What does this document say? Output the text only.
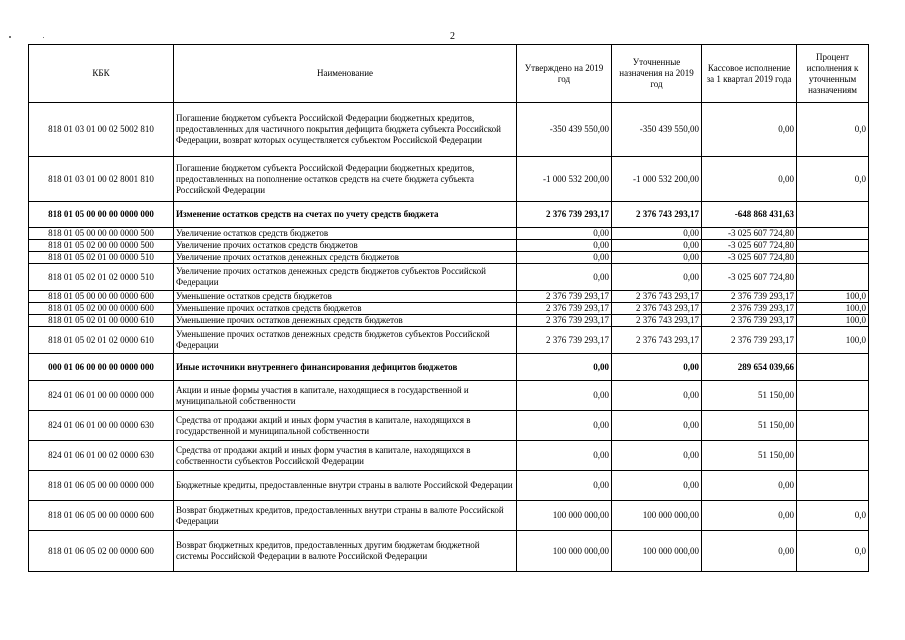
2
КБК	Наименование	Утверждено на 2019 год	Уточненные назначения на 2019 год	Кассовое исполнение за 1 квартал 2019 года	Процент исполнения к уточненным назначениям
818 01 03 01 00 02 5002 810	Погашение бюджетом субъекта Российской Федерации бюджетных кредитов, предоставленных для частичного покрытия дефицита бюджета субъекта Российской Федерации, возврат которых осуществляется субъектом Российской Федерации	-350 439 550,00	-350 439 550,00	0,00	0,0
818 01 03 01 00 02 8001 810	Погашение бюджетом субъекта Российской Федерации бюджетных кредитов, предоставленных на пополнение остатков средств на счете бюджета субъекта Российской Федерации	-1 000 532 200,00	-1 000 532 200,00	0,00	0,0
818 01 05 00 00 00 0000 000	Изменение остатков средств на счетах по учету средств бюджета	2 376 739 293,17	2 376 743 293,17	-648 868 431,63	
818 01 05 00 00 00 0000 500	Увеличение остатков средств бюджетов	0,00	0,00	-3 025 607 724,80	
818 01 05 02 00 00 0000 500	Увеличение прочих остатков средств бюджетов	0,00	0,00	-3 025 607 724,80	
818 01 05 02 01 00 0000 510	Увеличение прочих остатков денежных средств бюджетов	0,00	0,00	-3 025 607 724,80	
818 01 05 02 01 02 0000 510	Увеличение прочих остатков денежных средств бюджетов субъектов Российской Федерации	0,00	0,00	-3 025 607 724,80	
818 01 05 00 00 00 0000 600	Уменьшение остатков средств бюджетов	2 376 739 293,17	2 376 743 293,17	2 376 739 293,17	100,0
818 01 05 02 00 00 0000 600	Уменьшение прочих остатков средств бюджетов	2 376 739 293,17	2 376 743 293,17	2 376 739 293,17	100,0
818 01 05 02 01 00 0000 610	Уменьшение прочих остатков денежных средств бюджетов	2 376 739 293,17	2 376 743 293,17	2 376 739 293,17	100,0
818 01 05 02 01 02 0000 610	Уменьшение прочих остатков денежных средств бюджетов субъектов Российской Федерации	2 376 739 293,17	2 376 743 293,17	2 376 739 293,17	100,0
000 01 06 00 00 00 0000 000	Иные источники внутреннего финансирования дефицитов бюджетов	0,00	0,00	289 654 039,66	
824 01 06 01 00 00 0000 000	Акции и иные формы участия в капитале, находящиеся в государственной и муниципальной собственности	0,00	0,00	51 150,00	
824 01 06 01 00 00 0000 630	Средства от продажи акций и иных форм участия в капитале, находящихся в государственной и муниципальной собственности	0,00	0,00	51 150,00	
824 01 06 01 00 02 0000 630	Средства от продажи акций и иных форм участия в капитале, находящихся в собственности субъектов Российской Федерации	0,00	0,00	51 150,00	
818 01 06 05 00 00 0000 000	Бюджетные кредиты, предоставленные внутри страны в валюте Российской Федерации	0,00	0,00	0,00	
818 01 06 05 00 00 0000 600	Возврат бюджетных кредитов, предоставленных внутри страны в валюте Российской Федерации	100 000 000,00	100 000 000,00	0,00	0,0
818 01 06 05 02 00 0000 600	Возврат бюджетных кредитов, предоставленных другим бюджетам бюджетной системы Российской Федерации в валюте Российской Федерации	100 000 000,00	100 000 000,00	0,00	0,0
